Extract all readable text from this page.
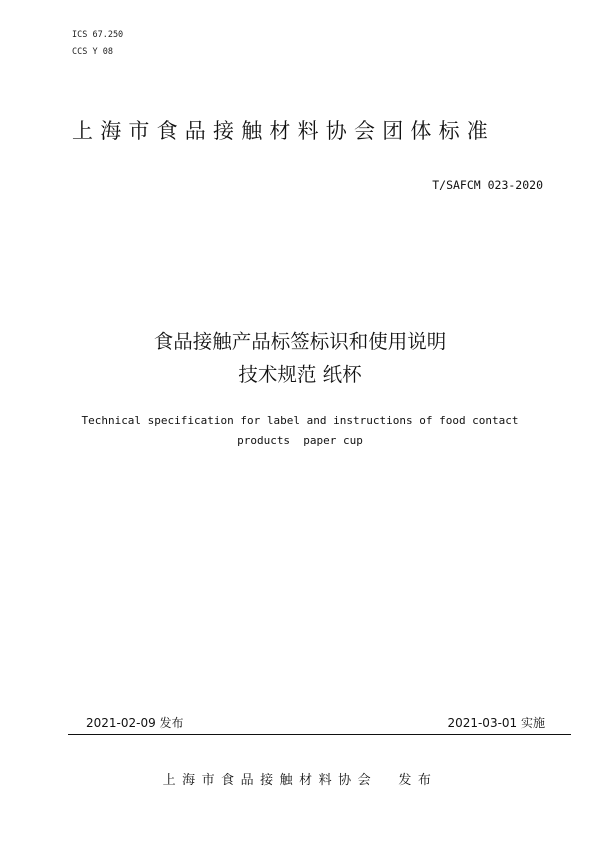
ICS 67.250
CCS Y 08
上海市食品接触材料协会团体标准
T/SAFCM 023-2020
食品接触产品标签标识和使用说明
技术规范 纸杯
Technical specification for label and instructions of food contact
products  paper cup
2021-02-09 发布	2021-03-01 实施
上海市食品接触材料协会  发布
